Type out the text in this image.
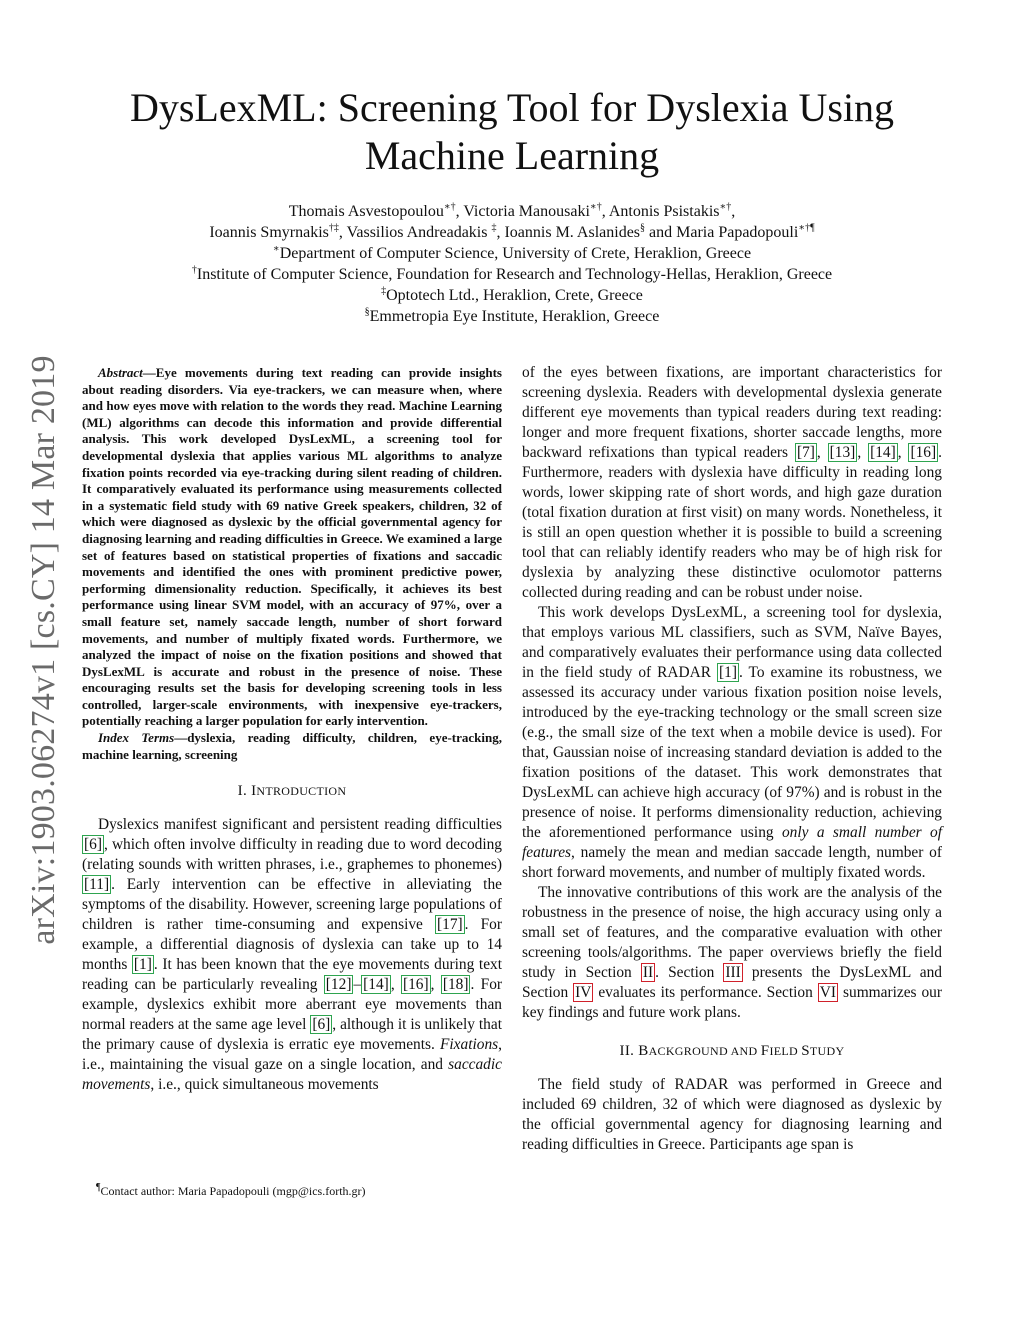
arXiv:1903.06274v1 [cs.CY] 14 Mar 2019
DysLexML: Screening Tool for Dyslexia Using Machine Learning
Thomais Asvestopoulou∗†, Victoria Manousaki∗†, Antonis Psistakis∗†,
Ioannis Smyrnakis†‡, Vassilios Andreadakis ‡, Ioannis M. Aslanides§ and Maria Papadopouli∗†¶
∗Department of Computer Science, University of Crete, Heraklion, Greece
†Institute of Computer Science, Foundation for Research and Technology-Hellas, Heraklion, Greece
‡Optotech Ltd., Heraklion, Crete, Greece
§Emmetropia Eye Institute, Heraklion, Greece

Abstract—Eye movements during text reading can provide insights about reading disorders. Via eye-trackers, we can measure when, where and how eyes move with relation to the words they read. Machine Learning (ML) algorithms can decode this information and provide differential analysis. This work developed DysLexML, a screening tool for developmental dyslexia that applies various ML algorithms to analyze fixation points recorded via eye-tracking during silent reading of children. It comparatively evaluated its performance using measurements collected in a systematic field study with 69 native Greek speakers, children, 32 of which were diagnosed as dyslexic by the official governmental agency for diagnosing learning and reading difficulties in Greece. We examined a large set of features based on statistical properties of fixations and saccadic movements and identified the ones with prominent predictive power, performing dimensionality reduction. Specifically, it achieves its best performance using linear SVM model, with an accuracy of 97%, over a small feature set, namely saccade length, number of short forward movements, and number of multiply fixated words. Furthermore, we analyzed the impact of noise on the fixation positions and showed that DysLexML is accurate and robust in the presence of noise. These encouraging results set the basis for developing screening tools in less controlled, larger-scale environments, with inexpensive eye-trackers, potentially reaching a larger population for early intervention.

Index Terms—dyslexia, reading difficulty, children, eye-tracking, machine learning, screening

I. INTRODUCTION

Dyslexics manifest significant and persistent reading difficulties [6] , which often involve difficulty in reading due to word decoding (relating sounds with written phrases, i.e., graphemes to phonemes) [11] . Early intervention can be effective in alleviating the symptoms of the disability. However, screening large populations of children is rather time-consuming and expensive [17] . For example, a differential diagnosis of dyslexia can take up to 14 months [1] . It has been known that the eye movements during text reading can be particularly revealing [12] – [14] , [16] , [18] . For example, dyslexics exhibit more aberrant eye movements than normal readers at the same age level [6] , although it is unlikely that the primary cause of dyslexia is erratic eye movements. Fixations, i.e., maintaining the visual gaze on a single location, and saccadic movements, i.e., quick simultaneous movements

of the eyes between fixations, are important characteristics for screening dyslexia. Readers with developmental dyslexia generate different eye movements than typical readers during text reading: longer and more frequent fixations, shorter saccade lengths, more backward refixations than typical readers [7] , [13] , [14] , [16] . Furthermore, readers with dyslexia have difficulty in reading long words, lower skipping rate of short words, and high gaze duration (total fixation duration at first visit) on many words. Nonetheless, it is still an open question whether it is possible to build a screening tool that can reliably identify readers who may be of high risk for dyslexia by analyzing these distinctive oculomotor patterns collected during reading and can be robust under noise.

This work develops DysLexML, a screening tool for dyslexia, that employs various ML classifiers, such as SVM, Naïve Bayes, and comparatively evaluates their performance using data collected in the field study of RADAR [1] . To examine its robustness, we assessed its accuracy under various fixation position noise levels, introduced by the eye-tracking technology or the small screen size (e.g., the small size of the text when a mobile device is used). For that, Gaussian noise of increasing standard deviation is added to the fixation positions of the dataset. This work demonstrates that DysLexML can achieve high accuracy (of 97%) and is robust in the presence of noise. It performs dimensionality reduction, achieving the aforementioned performance using only a small number of features, namely the mean and median saccade length, number of short forward movements, and number of multiply fixated words.

The innovative contributions of this work are the analysis of the robustness in the presence of noise, the high accuracy using only a small set of features, and the comparative evaluation with other screening tools/algorithms. The paper overviews briefly the field study in Section II . Section III presents the DysLexML and Section IV evaluates its performance. Section VI summarizes our key findings and future work plans.

II. BACKGROUND AND FIELD STUDY

The field study of RADAR was performed in Greece and included 69 children, 32 of which were diagnosed as dyslexic by the official governmental agency for diagnosing learning and reading difficulties in Greece. Participants age span is

¶Contact author: Maria Papadopouli (mgp@ics.forth.gr)
